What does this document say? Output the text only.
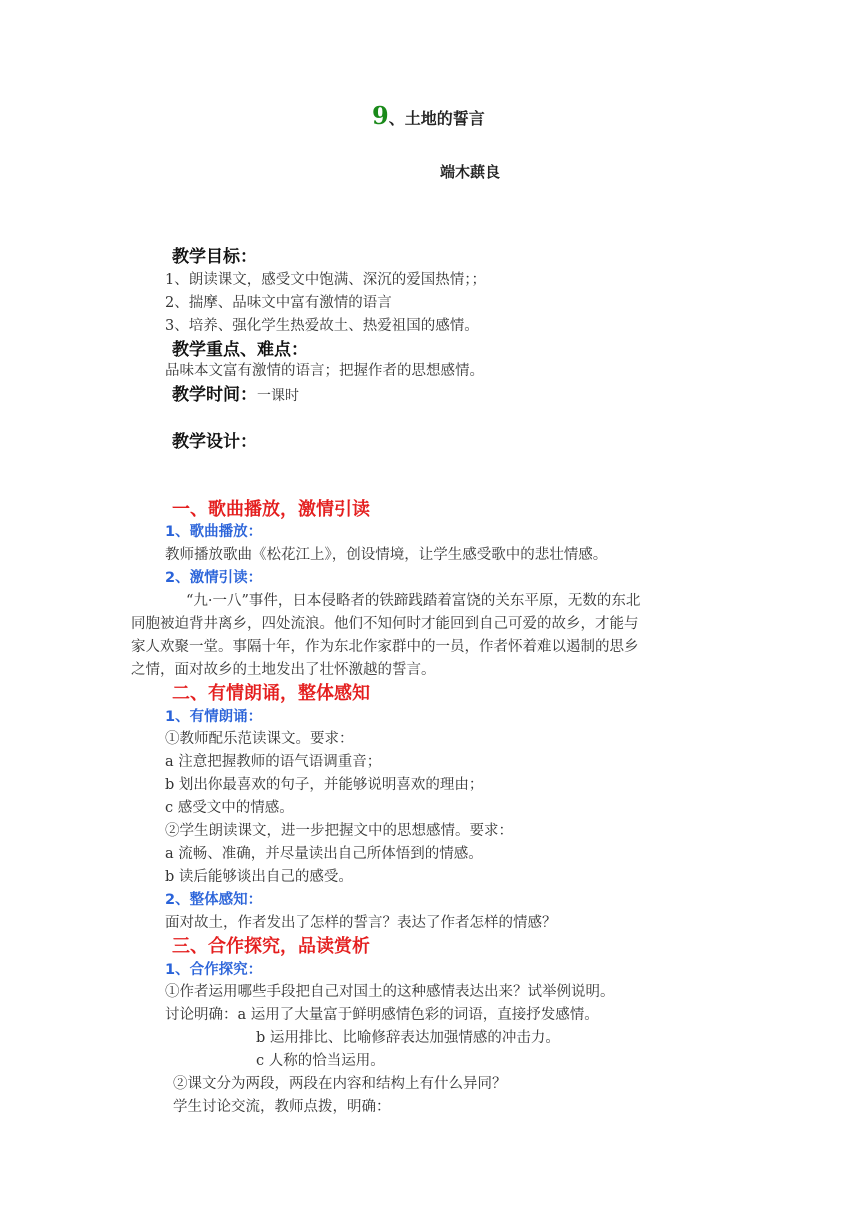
9、土地的誓言
端木蕻良
教学目标：
1、朗读课文，感受文中饱满、深沉的爱国热情；；
2、揣摩、品味文中富有激情的语言
3、培养、强化学生热爱故土、热爱祖国的感情。
教学重点、难点：
品味本文富有激情的语言；把握作者的思想感情。
教学时间：一课时
教学设计：
一、歌曲播放，激情引读
1、歌曲播放：
教师播放歌曲《松花江上》，创设情境，让学生感受歌中的悲壮情感。
2、激情引读：
“九·一八”事件，日本侵略者的铁蹄践踏着富饶的关东平原，无数的东北
同胞被迫背井离乡，四处流浪。他们不知何时才能回到自己可爱的故乡，才能与
家人欢聚一堂。事隔十年，作为东北作家群中的一员，作者怀着难以遏制的思乡
之情，面对故乡的土地发出了壮怀激越的誓言。
二、有情朗诵，整体感知
1、有情朗诵：
①教师配乐范读课文。要求：
a 注意把握教师的语气语调重音；
b 划出你最喜欢的句子，并能够说明喜欢的理由；
c 感受文中的情感。
②学生朗读课文，进一步把握文中的思想感情。要求：
a 流畅、准确，并尽量读出自己所体悟到的情感。
b 读后能够谈出自己的感受。
2、整体感知：
面对故土，作者发出了怎样的誓言？表达了作者怎样的情感？
三、合作探究，品读赏析
1、合作探究：
①作者运用哪些手段把自己对国土的这种感情表达出来？试举例说明。
讨论明确：a 运用了大量富于鲜明感情色彩的词语，直接抒发感情。
b 运用排比、比喻修辞表达加强情感的冲击力。
c 人称的恰当运用。
②课文分为两段，两段在内容和结构上有什么异同？
学生讨论交流，教师点拨，明确：
